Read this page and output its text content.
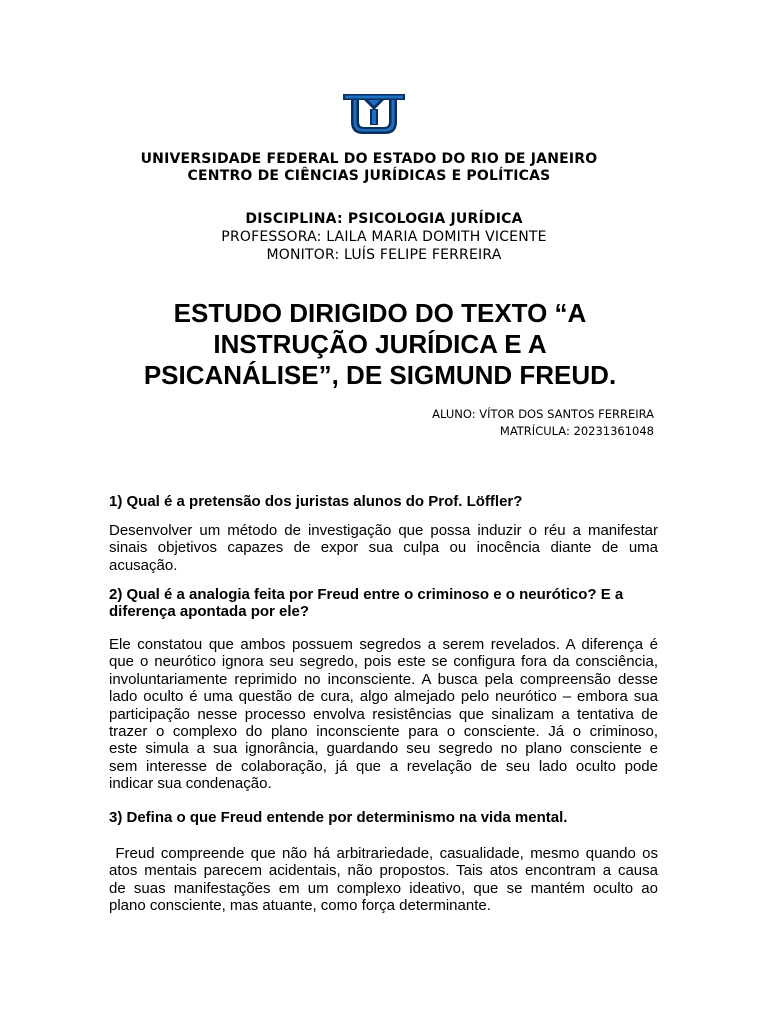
UNIVERSIDADE FEDERAL DO ESTADO DO RIO DE JANEIRO
CENTRO DE CIÊNCIAS JURÍDICAS E POLÍTICAS
DISCIPLINA: PSICOLOGIA JURÍDICA
PROFESSORA: LAILA MARIA DOMITH VICENTE
MONITOR: LUÍS FELIPE FERREIRA
ESTUDO DIRIGIDO DO TEXTO “A
INSTRUÇÃO JURÍDICA E A
PSICANÁLISE”, DE SIGMUND FREUD.
ALUNO: VÍTOR DOS SANTOS FERREIRA
MATRÍCULA: 20231361048
1) Qual é a pretensão dos juristas alunos do Prof. Löffler?
Desenvolver um método de investigação que possa induzir o réu a manifestar
sinais objetivos capazes de expor sua culpa ou inocência diante de uma
acusação.
2) Qual é a analogia feita por Freud entre o criminoso e o neurótico? E a
diferença apontada por ele?
Ele constatou que ambos possuem segredos a serem revelados. A diferença é
que o neurótico ignora seu segredo, pois este se configura fora da consciência,
involuntariamente reprimido no inconsciente. A busca pela compreensão desse
lado oculto é uma questão de cura, algo almejado pelo neurótico – embora sua
participação nesse processo envolva resistências que sinalizam a tentativa de
trazer o complexo do plano inconsciente para o consciente. Já o criminoso,
este simula a sua ignorância, guardando seu segredo no plano consciente e
sem interesse de colaboração, já que a revelação de seu lado oculto pode
indicar sua condenação.
3) Defina o que Freud entende por determinismo na vida mental.
Freud compreende que não há arbitrariedade, casualidade, mesmo quando os
atos mentais parecem acidentais, não propostos. Tais atos encontram a causa
de suas manifestações em um complexo ideativo, que se mantém oculto ao
plano consciente, mas atuante, como força determinante.
